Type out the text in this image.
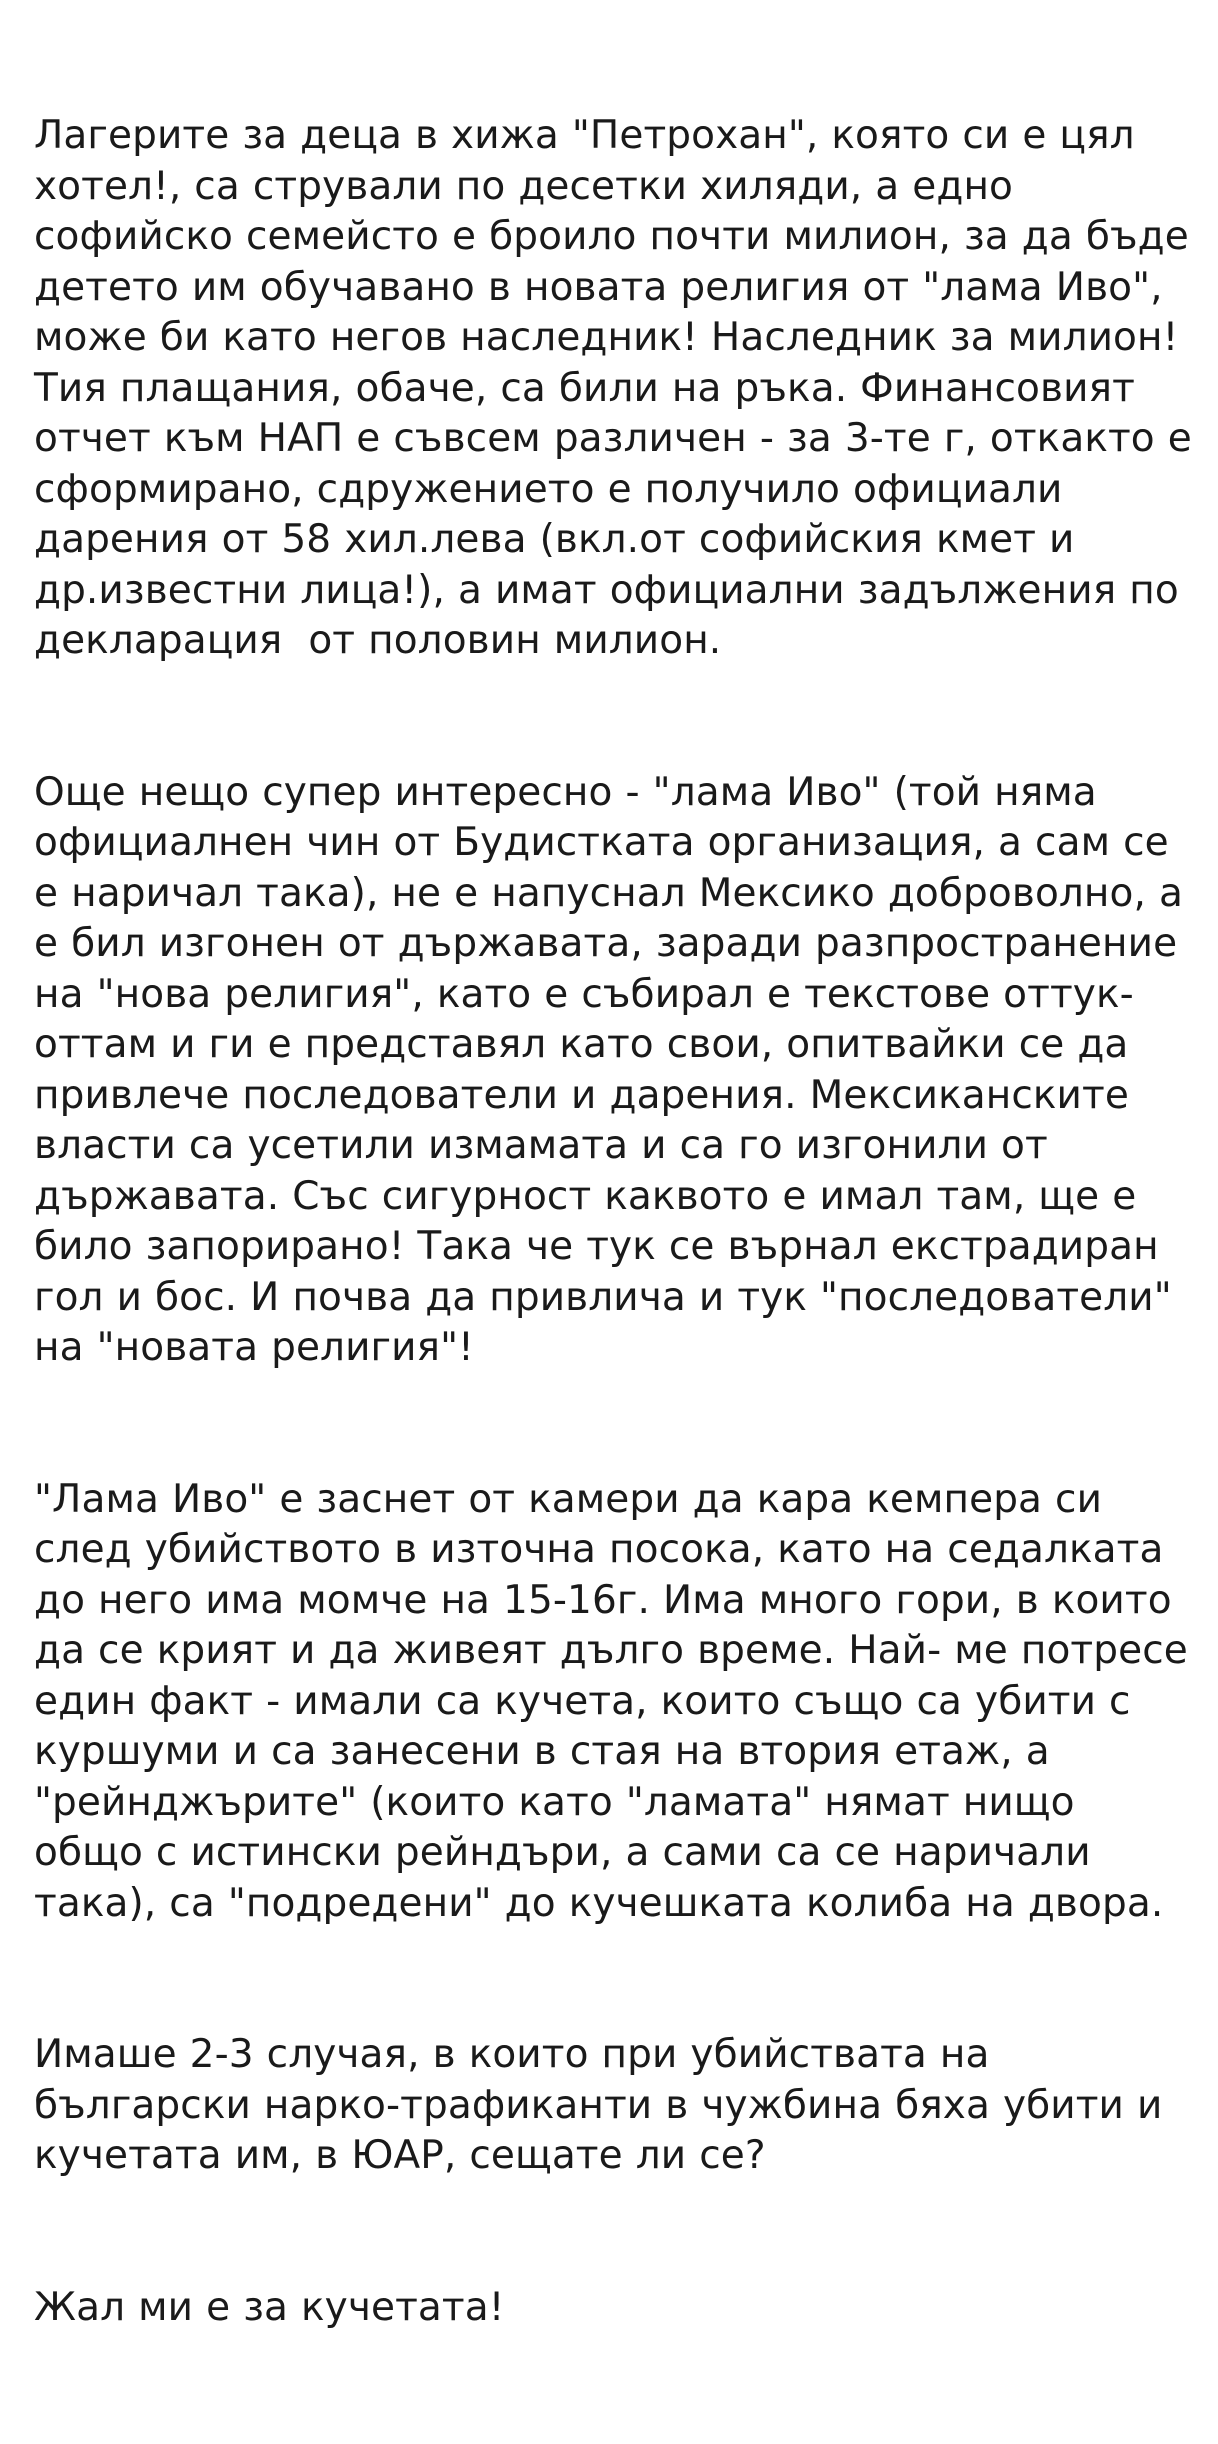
Лагерите за деца в хижа "Петрохан", която си е цял хотел!, са стрували по десетки хиляди, а едно софийско семейсто е броило почти милион, за да бъде детето им обучавано в новата религия от "лама Иво", може би като негов наследник! Наследник за милион! Тия плащания, обаче, са били на ръка. Финансовият отчет към НАП е съвсем различен - за 3-те г, откакто е сформирано, сдружението е получило официали дарения от 58 хил.лева (вкл.от софийския кмет и др.известни лица!), а имат официални задължения по декларация  от половин милион.

Още нещо супер интересно - "лама Иво" (той няма официалнен чин от Будистката организация, а сам се е наричал така), не е напуснал Мексико доброволно, а е бил изгонен от държавата, заради разпространение на "нова религия", като е събирал е текстове оттук-оттам и ги е представял като свои, опитвайки се да привлече последователи и дарения. Мексиканските власти са усетили измамата и са го изгонили от държавата. Със сигурност каквото е имал там, ще е било запорирано! Така че тук се върнал екстрадиран гол и бос. И почва да привлича и тук "последователи" на "новата религия"!

"Лама Иво" е заснет от камери да кара кемпера си след убийството в източна посока, като на седалката до него има момче на 15-16г. Има много гори, в които да се крият и да живеят дълго време. Най- ме потресе един факт - имали са кучета, които също са убити с куршуми и са занесени в стая на втория етаж, а "рейнджърите" (които като "ламата" нямат нищо общо с истински рейндъри, а сами са се наричали така), са "подредени" до кучешката колиба на двора.

Имаше 2-3 случая, в които при убийствата на български нарко-трафиканти в чужбина бяха убити и кучетата им, в ЮАР, сещате ли се?

Жал ми е за кучетата!
